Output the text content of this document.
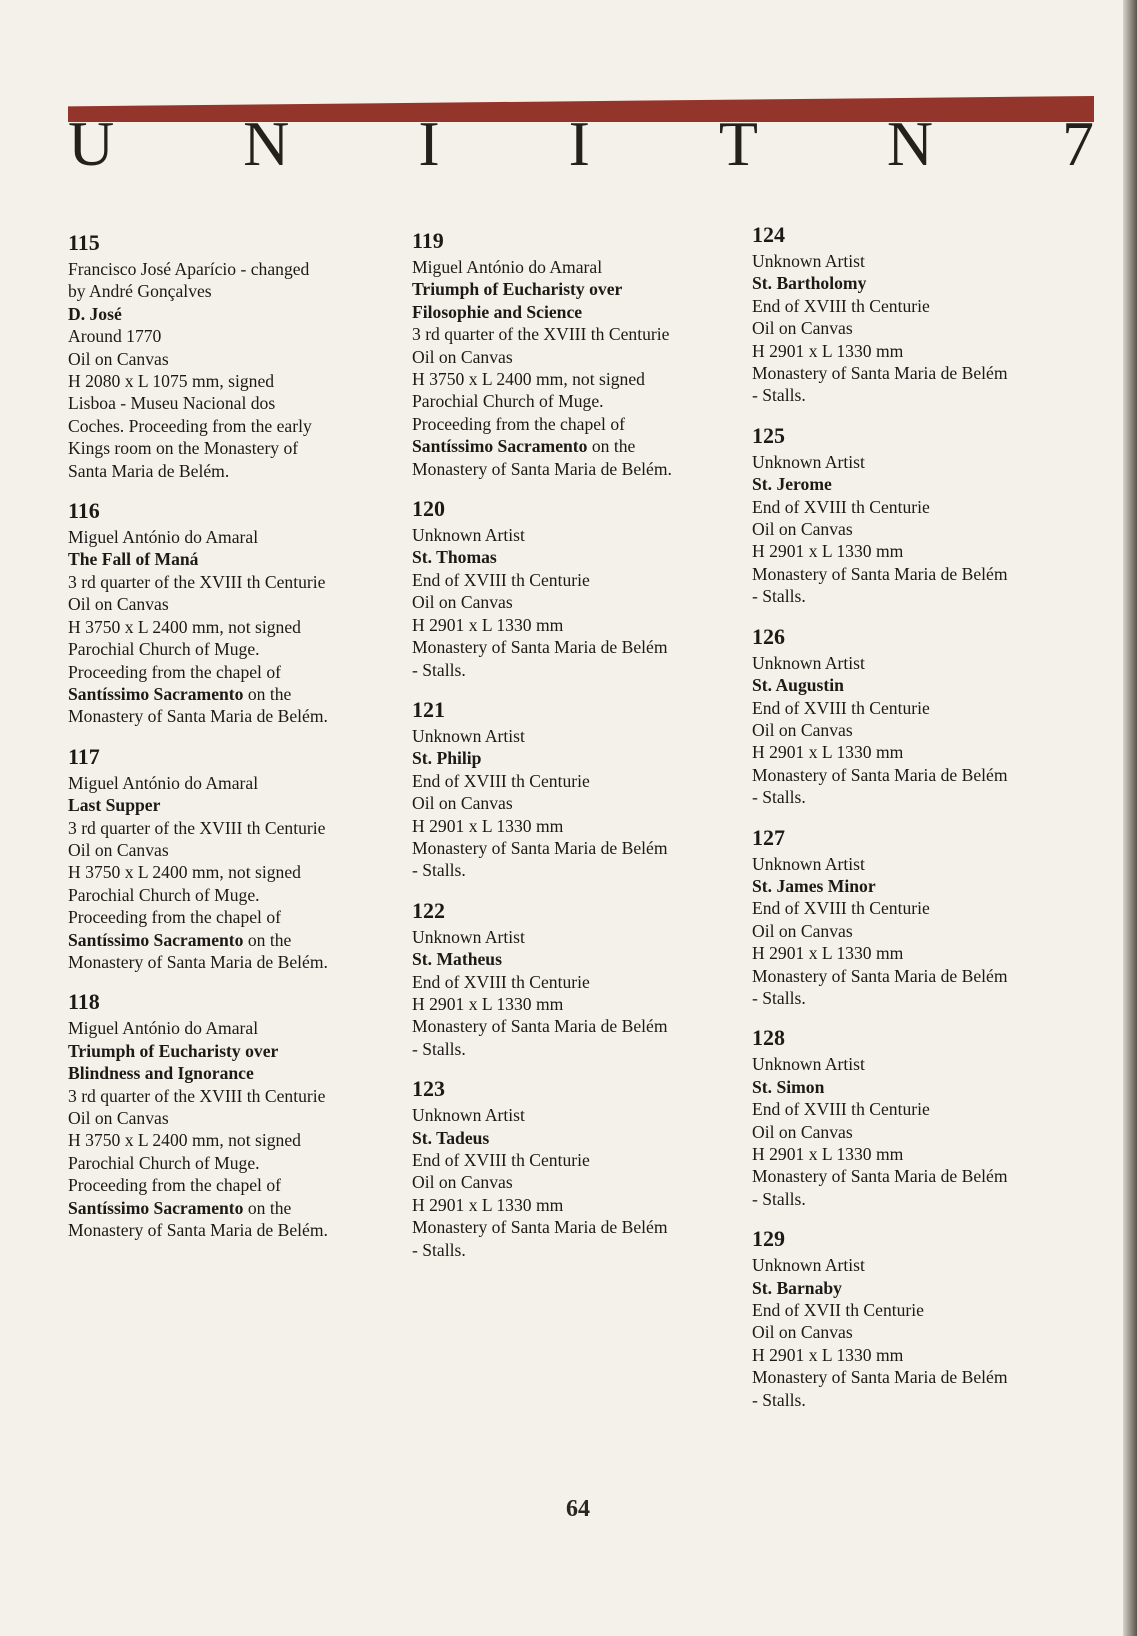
U N I I T N 7
115
Francisco José Aparício - changed
by André Gonçalves
D. José
Around 1770
Oil on Canvas
H 2080 x L 1075 mm, signed
Lisboa - Museu Nacional dos
Coches. Proceeding from the early
Kings room on the Monastery of
Santa Maria de Belém.
116
Miguel António do Amaral
The Fall of Maná
3 rd quarter of the XVIII th Centurie
Oil on Canvas
H 3750 x L 2400 mm, not signed
Parochial Church of Muge.
Proceeding from the chapel of
Santíssimo Sacramento on the
Monastery of Santa Maria de Belém.
117
Miguel António do Amaral
Last Supper
3 rd quarter of the XVIII th Centurie
Oil on Canvas
H 3750 x L 2400 mm, not signed
Parochial Church of Muge.
Proceeding from the chapel of
Santíssimo Sacramento on the
Monastery of Santa Maria de Belém.
118
Miguel António do Amaral
Triumph of Eucharisty over
Blindness and Ignorance
3 rd quarter of the XVIII th Centurie
Oil on Canvas
H 3750 x L 2400 mm, not signed
Parochial Church of Muge.
Proceeding from the chapel of
Santíssimo Sacramento on the
Monastery of Santa Maria de Belém.
119
Miguel António do Amaral
Triumph of Eucharisty over
Filosophie and Science
3 rd quarter of the XVIII th Centurie
Oil on Canvas
H 3750 x L 2400 mm, not signed
Parochial Church of Muge.
Proceeding from the chapel of
Santíssimo Sacramento on the
Monastery of Santa Maria de Belém.
120
Unknown Artist
St. Thomas
End of XVIII th Centurie
Oil on Canvas
H 2901 x L 1330 mm
Monastery of Santa Maria de Belém
- Stalls.
121
Unknown Artist
St. Philip
End of XVIII th Centurie
Oil on Canvas
H 2901 x L 1330 mm
Monastery of Santa Maria de Belém
- Stalls.
122
Unknown Artist
St. Matheus
End of XVIII th Centurie
H 2901 x L 1330 mm
Monastery of Santa Maria de Belém
- Stalls.
123
Unknown Artist
St. Tadeus
End of XVIII th Centurie
Oil on Canvas
H 2901 x L 1330 mm
Monastery of Santa Maria de Belém
- Stalls.
124
Unknown Artist
St. Bartholomy
End of XVIII th Centurie
Oil on Canvas
H 2901 x L 1330 mm
Monastery of Santa Maria de Belém
- Stalls.
125
Unknown Artist
St. Jerome
End of XVIII th Centurie
Oil on Canvas
H 2901 x L 1330 mm
Monastery of Santa Maria de Belém
- Stalls.
126
Unknown Artist
St. Augustin
End of XVIII th Centurie
Oil on Canvas
H 2901 x L 1330 mm
Monastery of Santa Maria de Belém
- Stalls.
127
Unknown Artist
St. James Minor
End of XVIII th Centurie
Oil on Canvas
H 2901 x L 1330 mm
Monastery of Santa Maria de Belém
- Stalls.
128
Unknown Artist
St. Simon
End of XVIII th Centurie
Oil on Canvas
H 2901 x L 1330 mm
Monastery of Santa Maria de Belém
- Stalls.
129
Unknown Artist
St. Barnaby
End of XVII th Centurie
Oil on Canvas
H 2901 x L 1330 mm
Monastery of Santa Maria de Belém
- Stalls.
64
